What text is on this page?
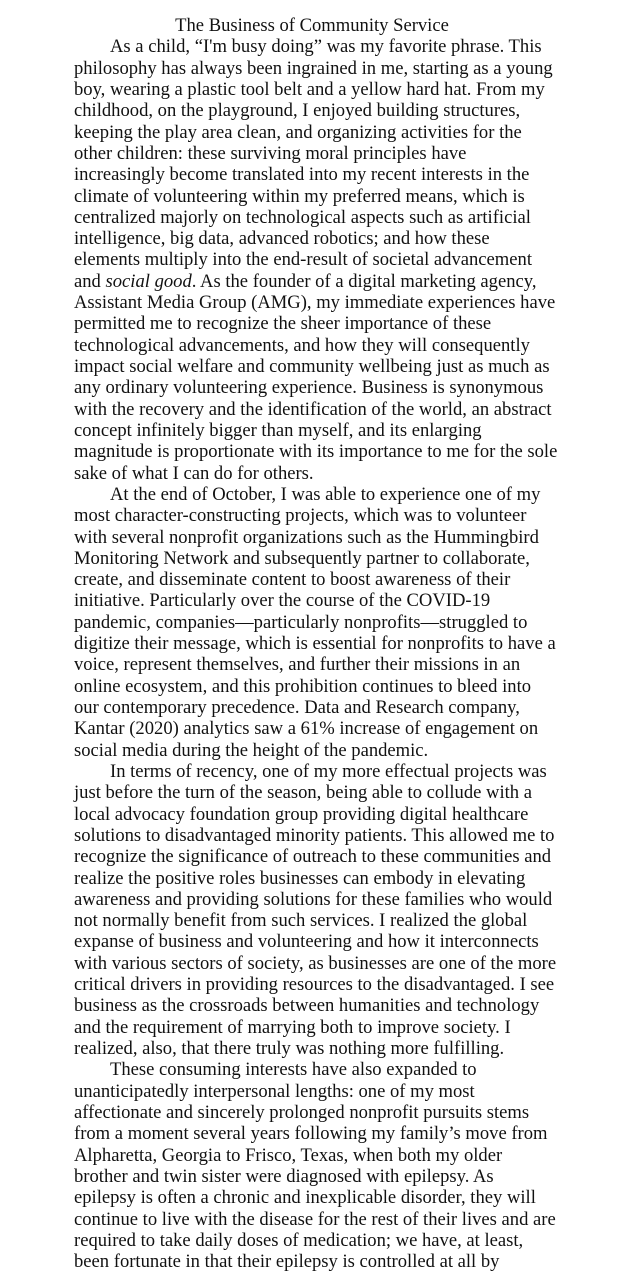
The Business of Community Service
As a child, “I'm busy doing” was my favorite phrase. This
philosophy has always been ingrained in me, starting as a young
boy, wearing a plastic tool belt and a yellow hard hat. From my
childhood, on the playground, I enjoyed building structures,
keeping the play area clean, and organizing activities for the
other children: these surviving moral principles have
increasingly become translated into my recent interests in the
climate of volunteering within my preferred means, which is
centralized majorly on technological aspects such as artificial
intelligence, big data, advanced robotics; and how these
elements multiply into the end-result of societal advancement
and social good. As the founder of a digital marketing agency,
Assistant Media Group (AMG), my immediate experiences have
permitted me to recognize the sheer importance of these
technological advancements, and how they will consequently
impact social welfare and community wellbeing just as much as
any ordinary volunteering experience. Business is synonymous
with the recovery and the identification of the world, an abstract
concept infinitely bigger than myself, and its enlarging
magnitude is proportionate with its importance to me for the sole
sake of what I can do for others.
At the end of October, I was able to experience one of my
most character-constructing projects, which was to volunteer
with several nonprofit organizations such as the Hummingbird
Monitoring Network and subsequently partner to collaborate,
create, and disseminate content to boost awareness of their
initiative. Particularly over the course of the COVID-19
pandemic, companies—particularly nonprofits—struggled to
digitize their message, which is essential for nonprofits to have a
voice, represent themselves, and further their missions in an
online ecosystem, and this prohibition continues to bleed into
our contemporary precedence. Data and Research company,
Kantar (2020) analytics saw a 61% increase of engagement on
social media during the height of the pandemic.
In terms of recency, one of my more effectual projects was
just before the turn of the season, being able to collude with a
local advocacy foundation group providing digital healthcare
solutions to disadvantaged minority patients. This allowed me to
recognize the significance of outreach to these communities and
realize the positive roles businesses can embody in elevating
awareness and providing solutions for these families who would
not normally benefit from such services. I realized the global
expanse of business and volunteering and how it interconnects
with various sectors of society, as businesses are one of the more
critical drivers in providing resources to the disadvantaged. I see
business as the crossroads between humanities and technology
and the requirement of marrying both to improve society. I
realized, also, that there truly was nothing more fulfilling.
These consuming interests have also expanded to
unanticipatedly interpersonal lengths: one of my most
affectionate and sincerely prolonged nonprofit pursuits stems
from a moment several years following my family’s move from
Alpharetta, Georgia to Frisco, Texas, when both my older
brother and twin sister were diagnosed with epilepsy. As
epilepsy is often a chronic and inexplicable disorder, they will
continue to live with the disease for the rest of their lives and are
required to take daily doses of medication; we have, at least,
been fortunate in that their epilepsy is controlled at all by
